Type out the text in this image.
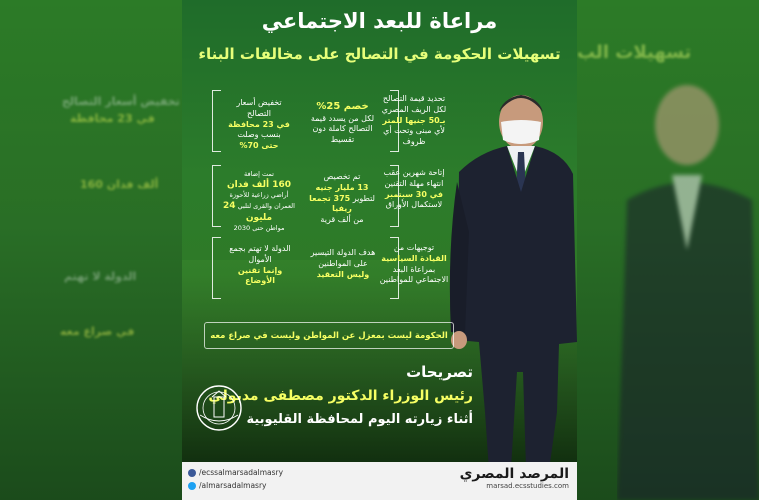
تخفيض أسعار التصالح
في 23 محافظة
160 ألف فدان
الدولة لا تهتم
في صراع معه
تسهيلات الب
مراعاة للبعد الاجتماعي
تسهيلات الحكومة في التصالح على مخالفات البناء
تحديد قيمة التصالح لكل الريف المصري
بـ50 جنيها للمتر
لأي مبنى وتحت أي ظروف
خصم 25%
لكل من يسدد قيمة التصالح كاملة دون تقسيط
تخفيض أسعار التصالح
في 23 محافظة
بنسب وصلت
حتى 70%
إتاحة شهرين عقب انتهاء مهلة التقنين
في 30 سبتمبر
لاستكمال الأوراق
تم تخصيص
13 مليار جنيه
لتطوير 375 تجمعا ريفيا
من ألف قرية
تمت إضافة
160 ألف فدان
أراضي زراعية للأحوزة العمران والقرى لتلبي 24 مليون
مواطن حتى 2030
توجيهات من
القيادة السياسية
بمراعاة البعد الاجتماعي للمواطنين
هدف الدولة التيسير على المواطنين
وليس التعقيد
الدولة لا تهتم بجمع الأموال
وإنما تقنين الأوضاع
الحكومة ليست بمعزل عن المواطن وليست في صراع معه
تصريحات
رئيس الوزراء الدكتور مصطفى مدبولي
أثناء زيارته اليوم لمحافظة القليوبية
/ecssalmarsadalmasry
/almarsadalmasry
المرصد المصري
marsad.ecsstudies.com
